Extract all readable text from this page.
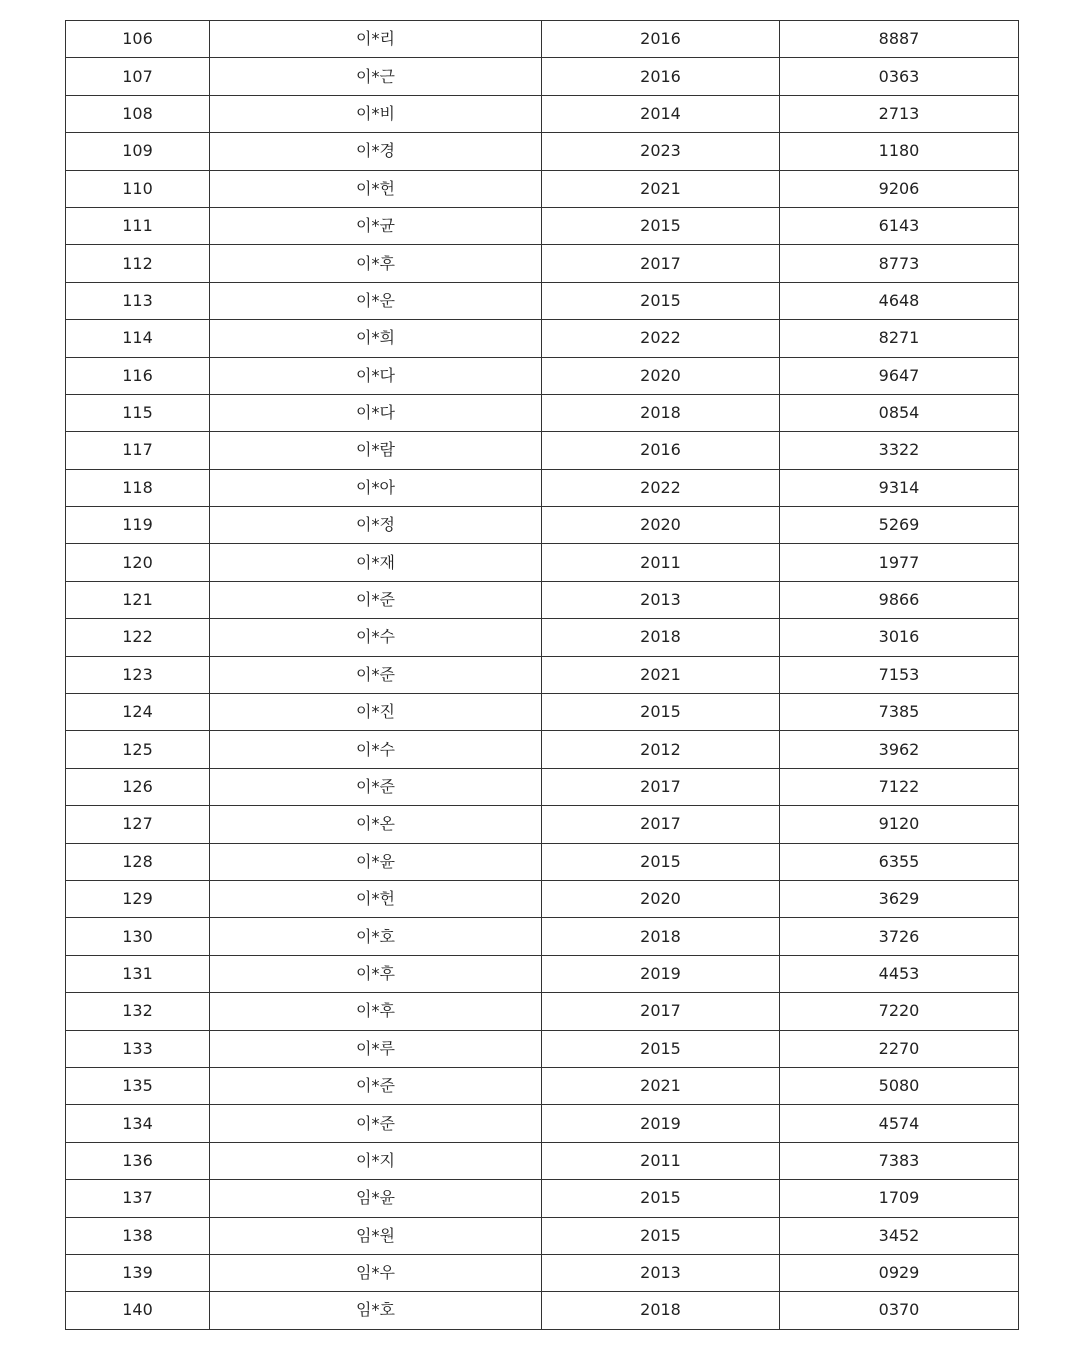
106	이*리	2016	8887
107	이*근	2016	0363
108	이*비	2014	2713
109	이*경	2023	1180
110	이*헌	2021	9206
111	이*균	2015	6143
112	이*후	2017	8773
113	이*운	2015	4648
114	이*희	2022	8271
116	이*다	2020	9647
115	이*다	2018	0854
117	이*람	2016	3322
118	이*아	2022	9314
119	이*정	2020	5269
120	이*재	2011	1977
121	이*준	2013	9866
122	이*수	2018	3016
123	이*준	2021	7153
124	이*진	2015	7385
125	이*수	2012	3962
126	이*준	2017	7122
127	이*온	2017	9120
128	이*윤	2015	6355
129	이*헌	2020	3629
130	이*호	2018	3726
131	이*후	2019	4453
132	이*후	2017	7220
133	이*루	2015	2270
135	이*준	2021	5080
134	이*준	2019	4574
136	이*지	2011	7383
137	임*윤	2015	1709
138	임*원	2015	3452
139	임*우	2013	0929
140	임*호	2018	0370
